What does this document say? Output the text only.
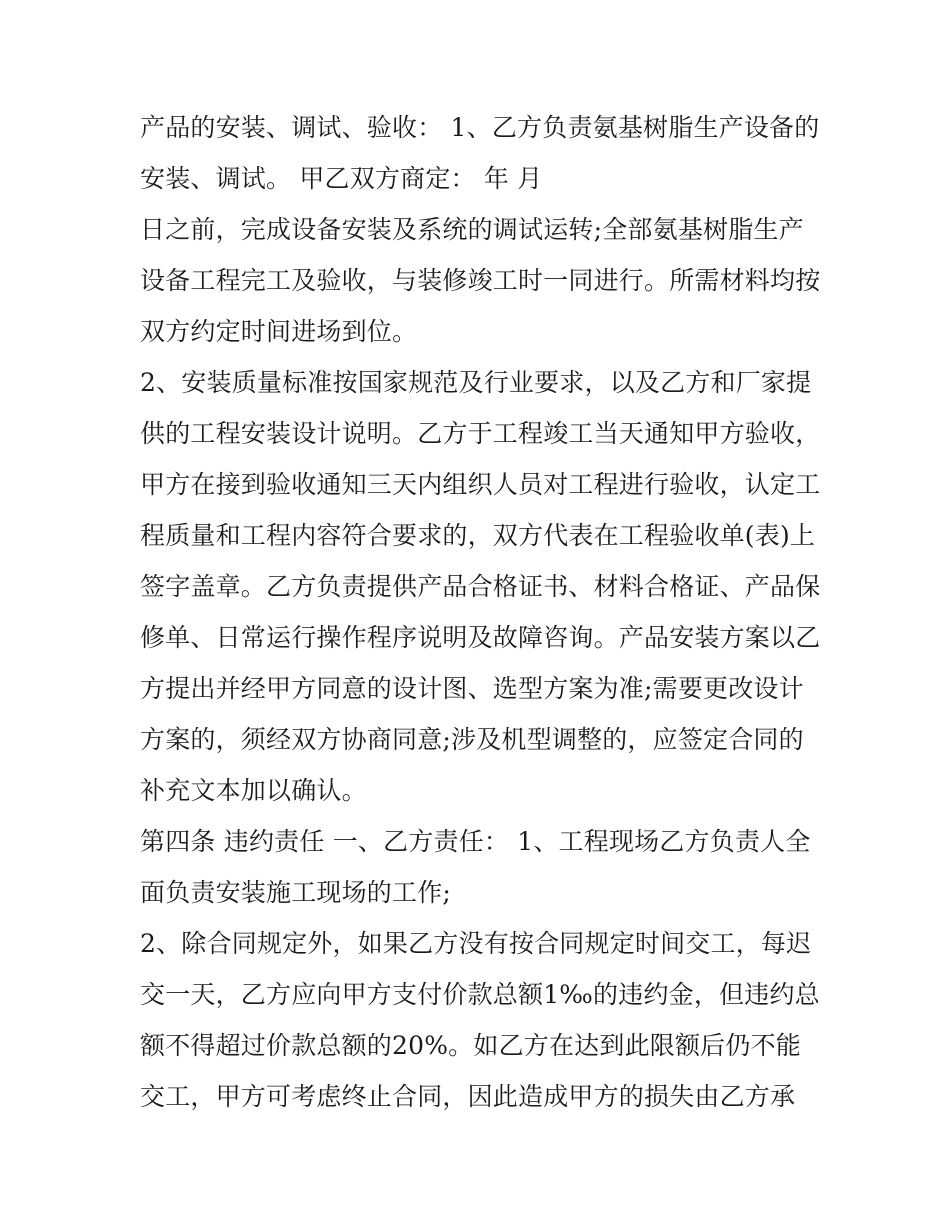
产品的安装、调试、验收： 1、乙方负责氨基树脂生产设备的
安装、调试。 甲乙双方商定： 年 月
日之前，完成设备安装及系统的调试运转;全部氨基树脂生产
设备工程完工及验收，与装修竣工时一同进行。所需材料均按
双方约定时间进场到位。
2、安装质量标准按国家规范及行业要求，以及乙方和厂家提
供的工程安装设计说明。乙方于工程竣工当天通知甲方验收，
甲方在接到验收通知三天内组织人员对工程进行验收，认定工
程质量和工程内容符合要求的，双方代表在工程验收单(表)上
签字盖章。乙方负责提供产品合格证书、材料合格证、产品保
修单、日常运行操作程序说明及故障咨询。产品安装方案以乙
方提出并经甲方同意的设计图、选型方案为准;需要更改设计
方案的，须经双方协商同意;涉及机型调整的，应签定合同的
补充文本加以确认。
第四条 违约责任 一、乙方责任： 1、工程现场乙方负责人全
面负责安装施工现场的工作;
2、除合同规定外，如果乙方没有按合同规定时间交工，每迟
交一天，乙方应向甲方支付价款总额1‰的违约金，但违约总
额不得超过价款总额的20%。如乙方在达到此限额后仍不能
交工，甲方可考虑终止合同，因此造成甲方的损失由乙方承
